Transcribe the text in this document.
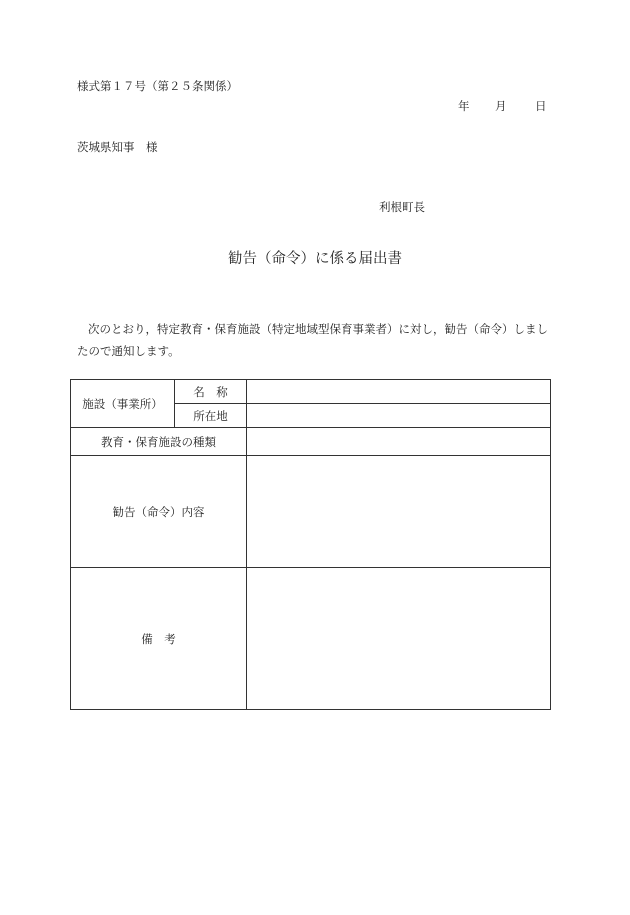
様式第１７号（第２５条関係）
年 月 日
茨城県知事　様
利根町長
勧告（命令）に係る届出書
次のとおり，特定教育・保育施設（特定地域型保育事業者）に対し，勧告（命令）しましたので通知します。
施設（事業所）	名　称	
	所在地	
教育・保育施設の種類		
勧告（命令）内容		
備　考		
